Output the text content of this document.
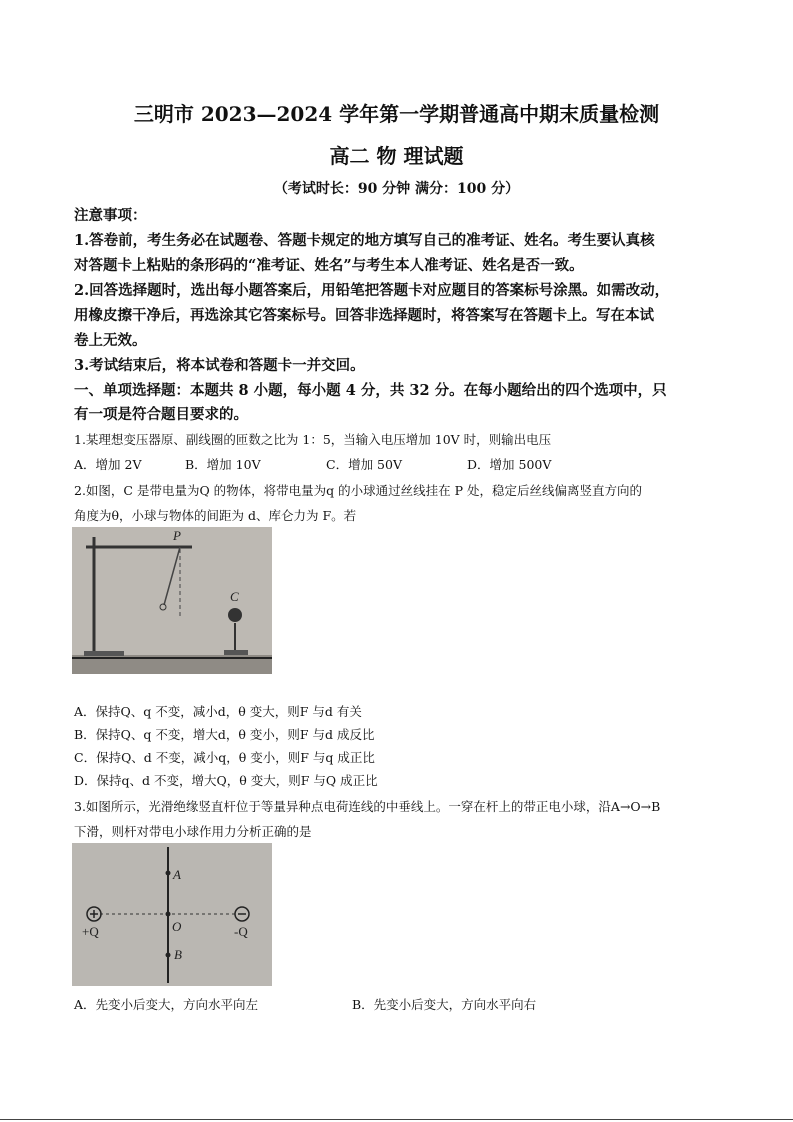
三明市 2023—2024 学年第一学期普通高中期末质量检测
高二 物 理试题
（考试时长：90 分钟 满分：100 分）
注意事项：
1.答卷前，考生务必在试题卷、答题卡规定的地方填写自己的准考证、姓名。考生要认真核
对答题卡上粘贴的条形码的“准考证、姓名”与考生本人准考证、姓名是否一致。
2.回答选择题时，选出每小题答案后，用铅笔把答题卡对应题目的答案标号涂黑。如需改动，
用橡皮擦干净后，再选涂其它答案标号。回答非选择题时，将答案写在答题卡上。写在本试
卷上无效。
3.考试结束后，将本试卷和答题卡一并交回。
一、单项选择题：本题共 8 小题，每小题 4 分，共 32 分。在每小题给出的四个选项中，只
有一项是符合题目要求的。
1.某理想变压器原、副线圈的匝数之比为 1：5，当输入电压增加 10V 时，则输出电压
A．增加 2V	B．增加 10V	C．增加 50V	D．增加 500V
2.如图，C 是带电量为Q 的物体，将带电量为q 的小球通过丝线挂在 P 处，稳定后丝线偏离竖直方向的
角度为θ，小球与物体的间距为 d、库仑力为 F。若
P
C
A．保持Q、q 不变，减小d，θ 变大，则F 与d 有关
B．保持Q、q 不变，增大d，θ 变小，则F 与d 成反比
C．保持Q、d 不变，减小q，θ 变小，则F 与q 成正比
D．保持q、d 不变，增大Q，θ 变大，则F 与Q 成正比
3.如图所示，光滑绝缘竖直杆位于等量异种点电荷连线的中垂线上。一穿在杆上的带正电小球，沿A→O→B
下滑，则杆对带电小球作用力分析正确的是
A
O
B
+Q	-Q
A．先变小后变大，方向水平向左	B．先变小后变大，方向水平向右
